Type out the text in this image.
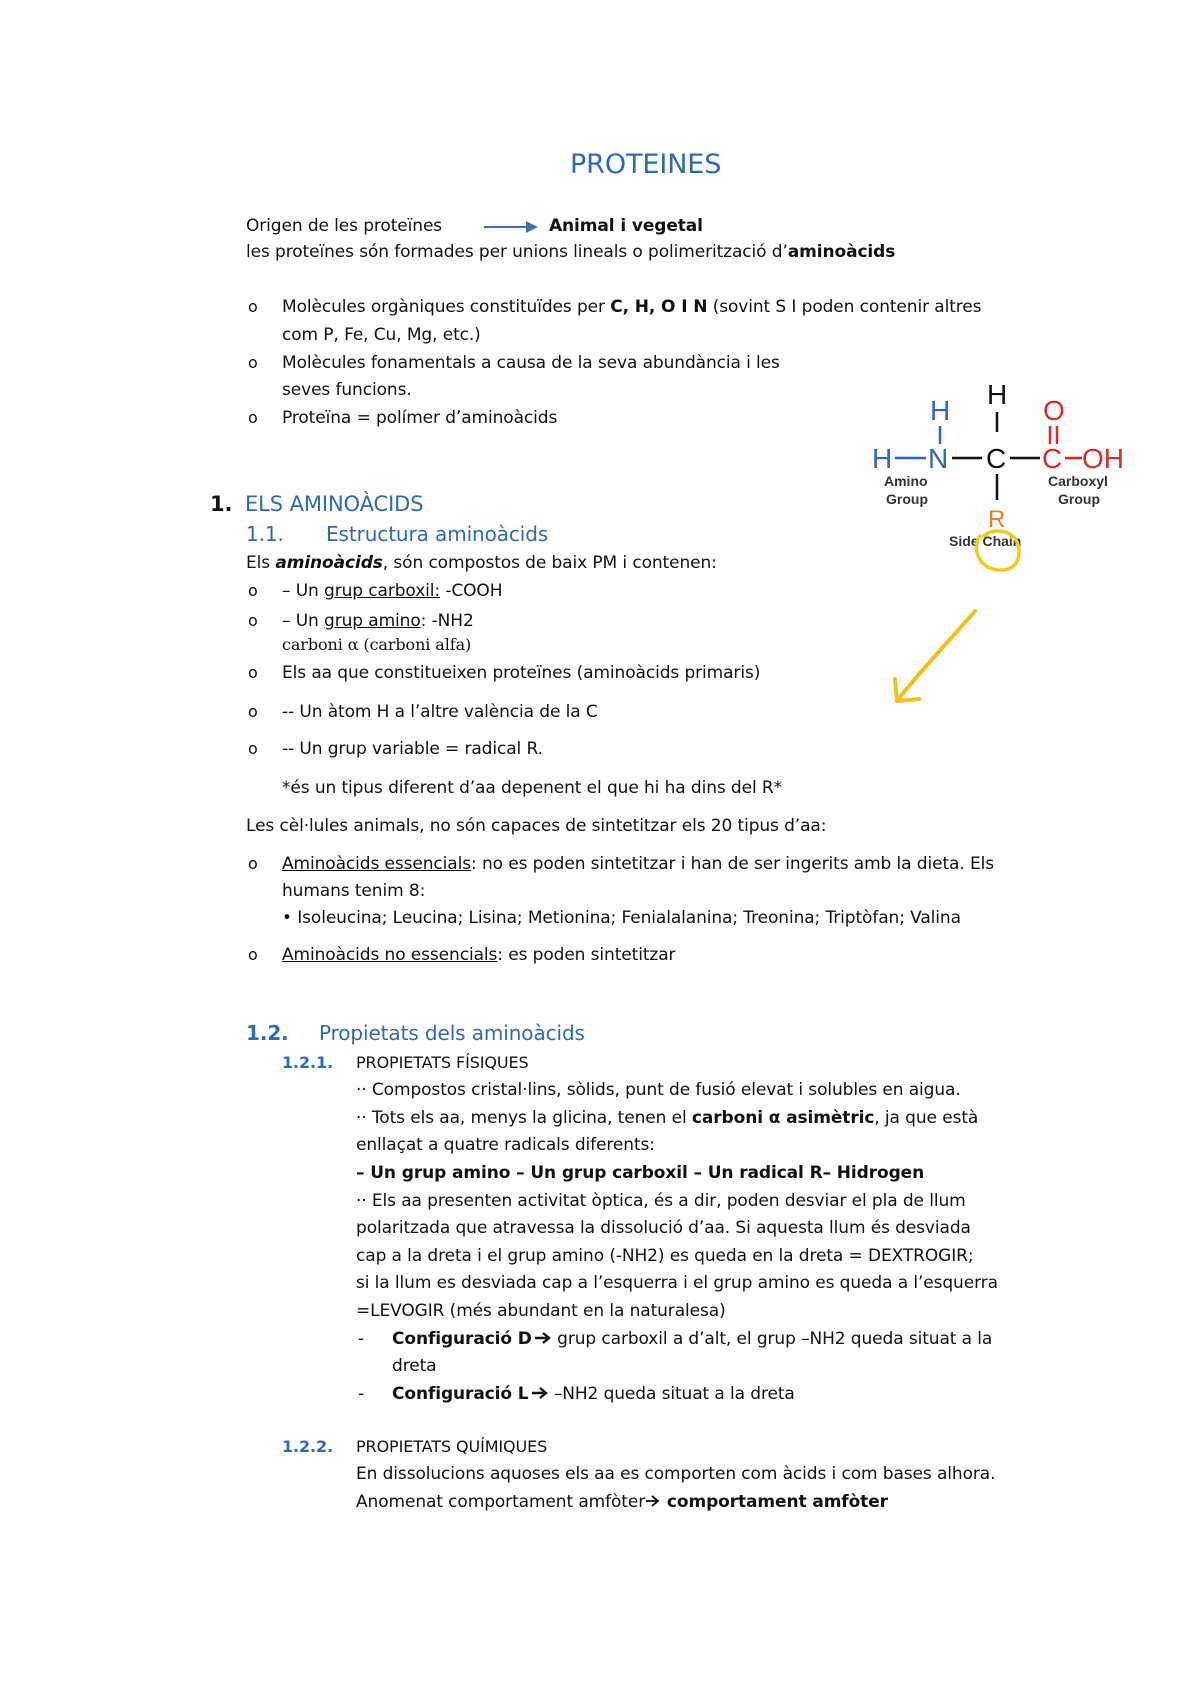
PROTEINES
Origen de les proteïnes	Animal i vegetal
les proteïnes són formades per unions lineals o polimerització d’aminoàcids
o Molècules orgàniques constituïdes per C, H, O I N (sovint S I poden contenir altres
com P, Fe, Cu, Mg, etc.)
o Molècules fonamentals a causa de la seva abundància i les
seves funcions.
o Proteïna = polímer d’aminoàcids
1. ELS AMINOÀCIDS
1.1. Estructura aminoàcids
Els aminoàcids, són compostos de baix PM i contenen:
o – Un grup carboxil: -COOH
o – Un grup amino: -NH2
carboni α (carboni alfa)
o Els aa que constitueixen proteïnes (aminoàcids primaris)
o -- Un àtom H a l’altre valència de la C
o -- Un grup variable = radical R.
*és un tipus diferent d’aa depenent el que hi ha dins del R*
Les cèl·lules animals, no són capaces de sintetitzar els 20 tipus d’aa:
o Aminoàcids essencials: no es poden sintetitzar i han de ser ingerits amb la dieta. Els
humans tenim 8:
• Isoleucina; Leucina; Lisina; Metionina; Fenialalanina; Treonina; Triptòfan; Valina
o Aminoàcids no essencials: es poden sintetitzar
1.2. Propietats dels aminoàcids
1.2.1. PROPIETATS FÍSIQUES
·· Compostos cristal·lins, sòlids, punt de fusió elevat i solubles en aigua.
·· Tots els aa, menys la glicina, tenen el carboni α asimètric, ja que està
enllaçat a quatre radicals diferents:
– Un grup amino – Un grup carboxil – Un radical R– Hidrogen
·· Els aa presenten activitat òptica, és a dir, poden desviar el pla de llum
polaritzada que atravessa la dissolució d’aa. Si aquesta llum és desviada
cap a la dreta i el grup amino (-NH2) es queda en la dreta = DEXTROGIR;
si la llum es desviada cap a l’esquerra i el grup amino es queda a l’esquerra
=LEVOGIR (més abundant en la naturalesa)
- Configuració D grup carboxil a d’alt, el grup –NH2 queda situat a la
dreta
- Configuració L –NH2 queda situat a la dreta
1.2.2. PROPIETATS QUÍMIQUES
En dissolucions aquoses els aa es comporten com àcids i com bases alhora.
Anomenat comportament amfòter comportament amfòter
H
H
H N C C
O
OH
Amino
Group
Carboxyl
Group
R
Side Chain
